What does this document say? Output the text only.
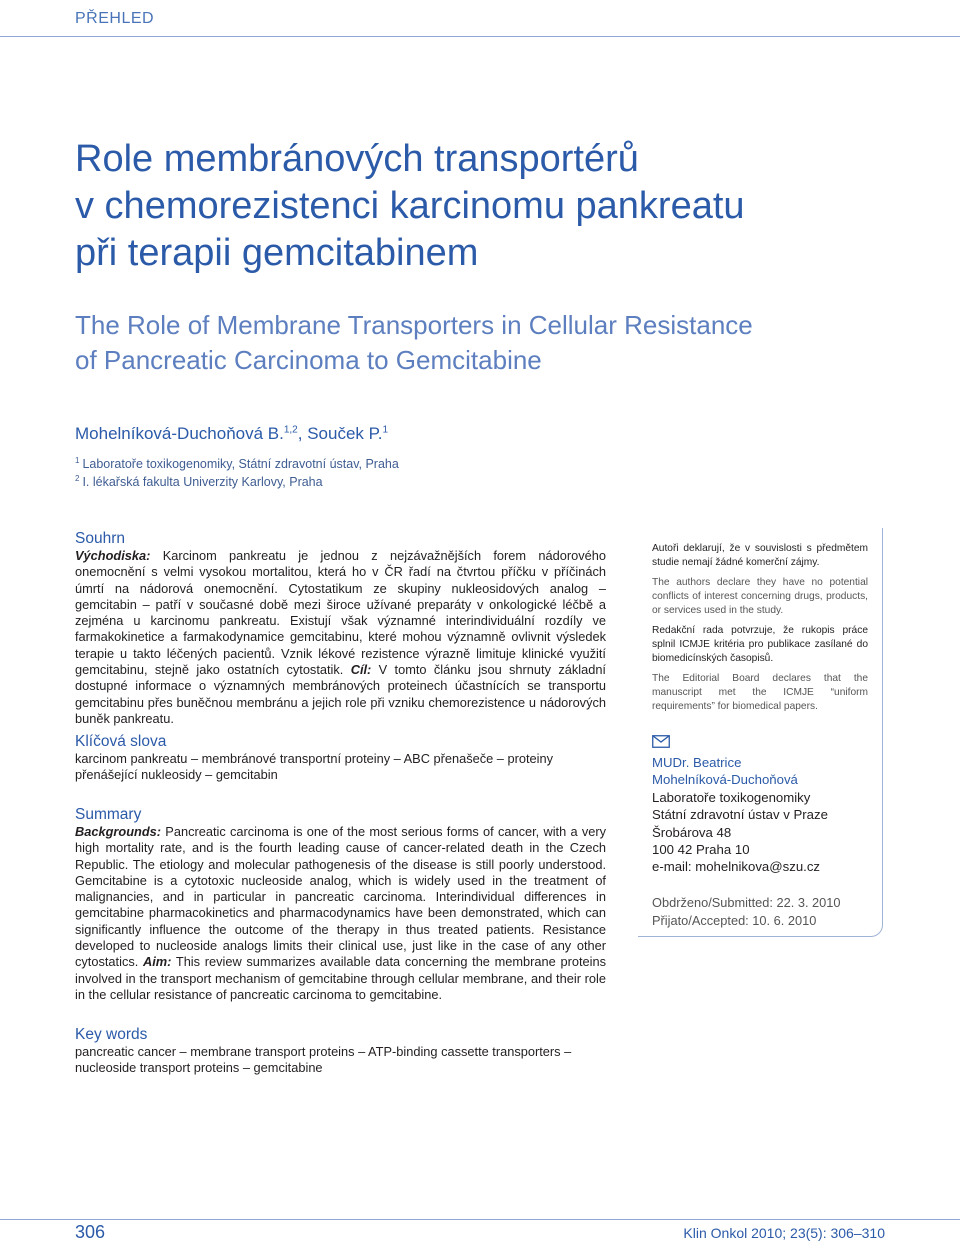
PŘEHLED
Role membránových transportérů
v chemorezistenci karcinomu pankreatu
při terapii gemcitabinem
The Role of Membrane Transporters in Cellular Resistance
of Pancreatic Carcinoma to Gemcitabine
Mohelníková-Duchoňová B.$^{1,2}$, Souček P.$^1$
$^1$ Laboratoře toxikogenomiky, Státní zdravotní ústav, Praha
$^2$ I. lékařská fakulta Univerzity Karlovy, Praha
Souhrn

Východiska: Karcinom pankreatu je jednou z nejzávažnějších forem nádorového onemocnění s velmi vysokou mortalitou, která ho v ČR řadí na čtvrtou příčku v příčinách úmrtí na nádorová onemocnění. Cytostatikum ze skupiny nukleosidových analog – gemcitabin – patří v současné době mezi široce užívané preparáty v onkologické léčbě a zejména u karcinomu pankreatu. Existují však významné interindividuální rozdíly ve farmakokinetice a farmakodynamice gemcitabinu, které mohou významně ovlivnit výsledek terapie u takto léčených pacientů. Vznik lékové rezistence výrazně limituje klinické využití gemcitabinu, stejně jako ostatních cytostatik. Cíl: V tomto článku jsou shrnuty základní dostupné informace o významných membránových proteinech účastnících se transportu gemcitabinu přes buněčnou membránu a jejich role při vzniku chemorezistence u nádorových buněk pankreatu.

Klíčová slova
karcinom pankreatu – membránové transportní proteiny – ABC přenašeče – proteiny přenášející nukleosidy – gemcitabin
Summary

Backgrounds: Pancreatic carcinoma is one of the most serious forms of cancer, with a very high mortality rate, and is the fourth leading cause of cancer-related death in the Czech Republic. The etiology and molecular pathogenesis of the disease is still poorly understood. Gemcitabine is a cytotoxic nucleoside analog, which is widely used in the treatment of malignancies, and in particular in pancreatic carcinoma. Interindividual differences in gemcitabine pharmacokinetics and pharmacodynamics have been demonstrated, which can significantly influence the outcome of the therapy in thus treated patients. Resistance developed to nucleoside analogs limits their clinical use, just like in the case of any other cytostatics. Aim: This review summarizes available data concerning the membrane proteins involved in the transport mechanism of gemcitabine through cellular membrane, and their role in the cellular resistance of pancreatic carcinoma to gemcitabine.

Key words
pancreatic cancer – membrane transport proteins – ATP-binding cassette transporters – nucleoside transport proteins – gemcitabine

Autoři deklarují, že v souvislosti s předmětem studie nemají žádné komerční zájmy.

The authors declare they have no potential conflicts of interest concerning drugs, products, or services used in the study.

Redakční rada potvrzuje, že rukopis práce splnil ICMJE kritéria pro publikace zasílané do biomedicínských časopisů.

The Editorial Board declares that the manuscript met the ICMJE “uniform requirements” for biomedical papers.

MUDr. Beatrice
Mohelníková-Duchoňová
Laboratoře toxikogenomiky
Státní zdravotní ústav v Praze
Šrobárova 48
100 42 Praha 10
e-mail: mohelnikova@szu.cz
Obdrženo/Submitted: 22. 3. 2010
Přijato/Accepted: 10. 6. 2010
306	Klin Onkol 2010; 23(5): 306–310
